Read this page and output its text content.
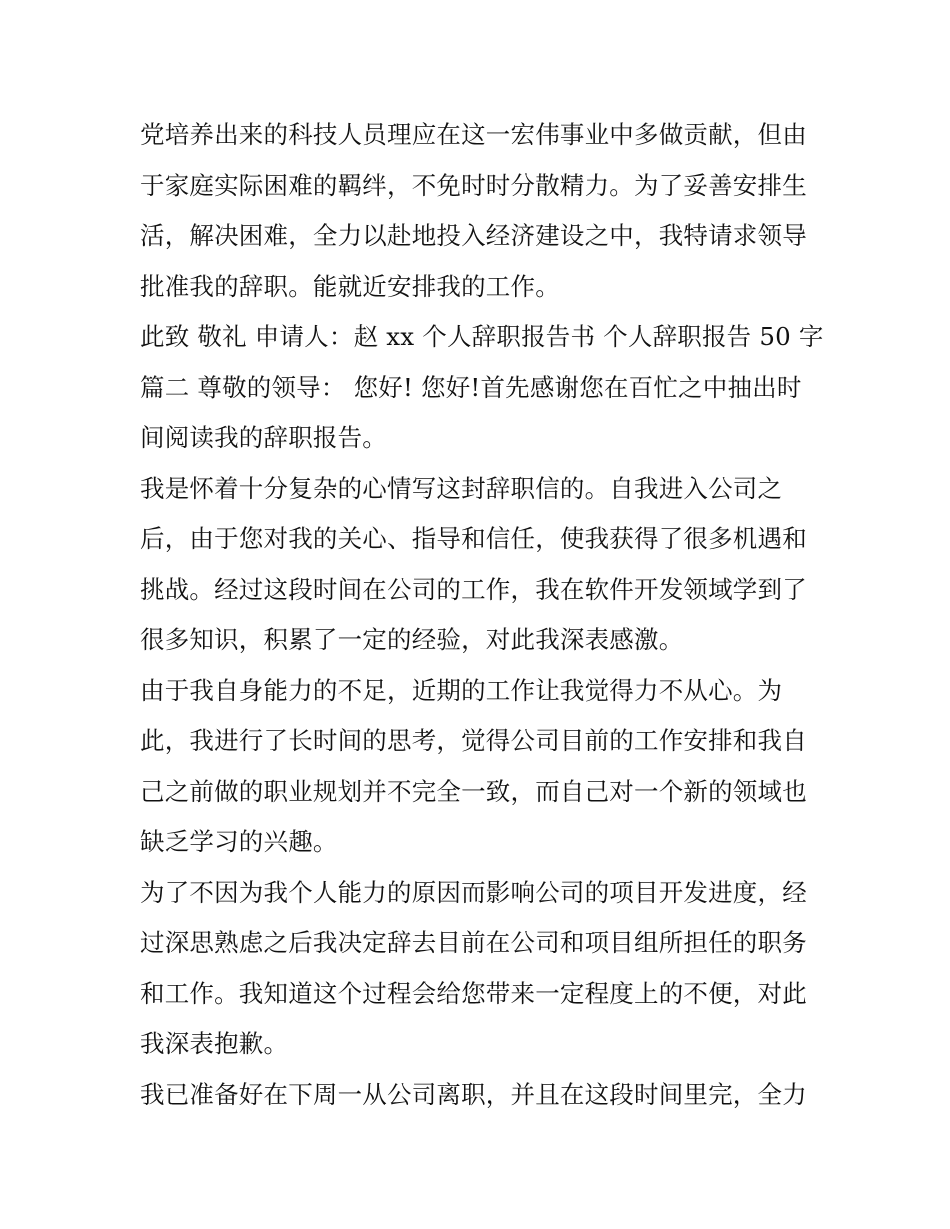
党培养出来的科技人员理应在这一宏伟事业中多做贡献，但由
于家庭实际困难的羁绊，不免时时分散精力。为了妥善安排生
活，解决困难，全力以赴地投入经济建设之中，我特请求领导
批准我的辞职。能就近安排我的工作。

此致 敬礼 申请人：赵 xx 个人辞职报告书 个人辞职报告 50 字
篇二 尊敬的领导： 您好! 您好!首先感谢您在百忙之中抽出时
间阅读我的辞职报告。

我是怀着十分复杂的心情写这封辞职信的。自我进入公司之
后，由于您对我的关心、指导和信任，使我获得了很多机遇和
挑战。经过这段时间在公司的工作，我在软件开发领域学到了
很多知识，积累了一定的经验，对此我深表感激。

由于我自身能力的不足，近期的工作让我觉得力不从心。为
此，我进行了长时间的思考，觉得公司目前的工作安排和我自
己之前做的职业规划并不完全一致，而自己对一个新的领域也
缺乏学习的兴趣。

为了不因为我个人能力的原因而影响公司的项目开发进度，经
过深思熟虑之后我决定辞去目前在公司和项目组所担任的职务
和工作。我知道这个过程会给您带来一定程度上的不便，对此
我深表抱歉。

我已准备好在下周一从公司离职，并且在这段时间里完，全力
